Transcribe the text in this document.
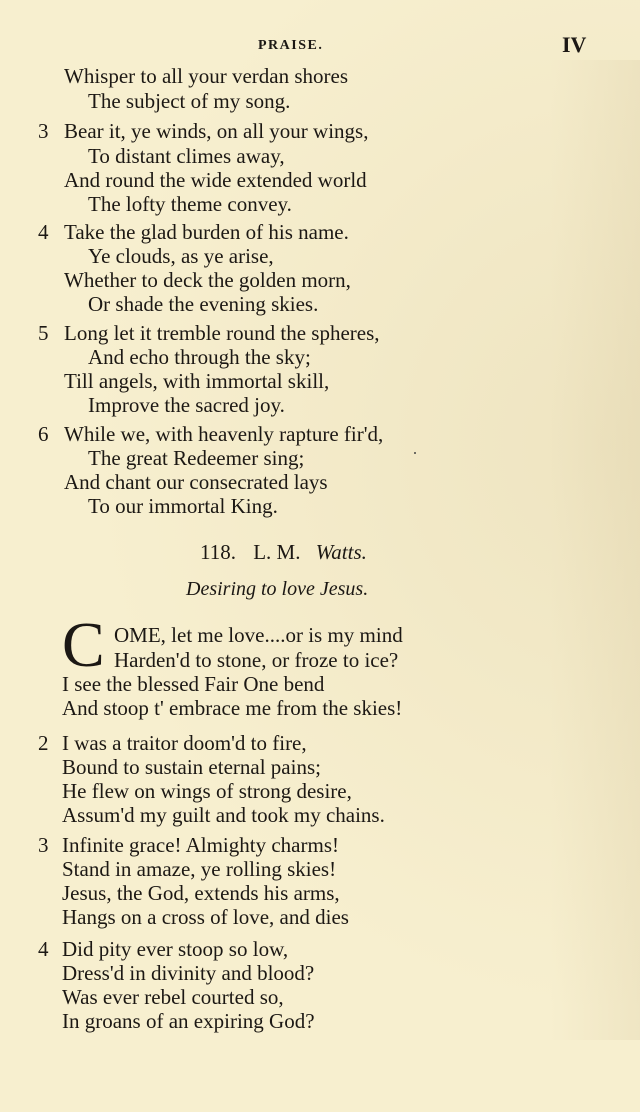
PRAISE.	IV
Whisper to all your verdan shores
The subject of my song.
3 Bear it, ye winds, on all your wings,
To distant climes away,
And round the wide extended world
The lofty theme convey.
4 Take the glad burden of his name.
Ye clouds, as ye arise,
Whether to deck the golden morn,
Or shade the evening skies.
5 Long let it tremble round the spheres,
And echo through the sky;
Till angels, with immortal skill,
Improve the sacred joy.
6 While we, with heavenly rapture fir'd,
The great Redeemer sing;
And chant our consecrated lays
To our immortal King.
118. L. M. Watts.
Desiring to love Jesus.
C OME, let me love....or is my mind
Harden'd to stone, or froze to ice?
I see the blessed Fair One bend
And stoop t' embrace me from the skies!
2 I was a traitor doom'd to fire,
Bound to sustain eternal pains;
He flew on wings of strong desire,
Assum'd my guilt and took my chains.
3 Infinite grace! Almighty charms!
Stand in amaze, ye rolling skies!
Jesus, the God, extends his arms,
Hangs on a cross of love, and dies
4 Did pity ever stoop so low,
Dress'd in divinity and blood?
Was ever rebel courted so,
In groans of an expiring God?
